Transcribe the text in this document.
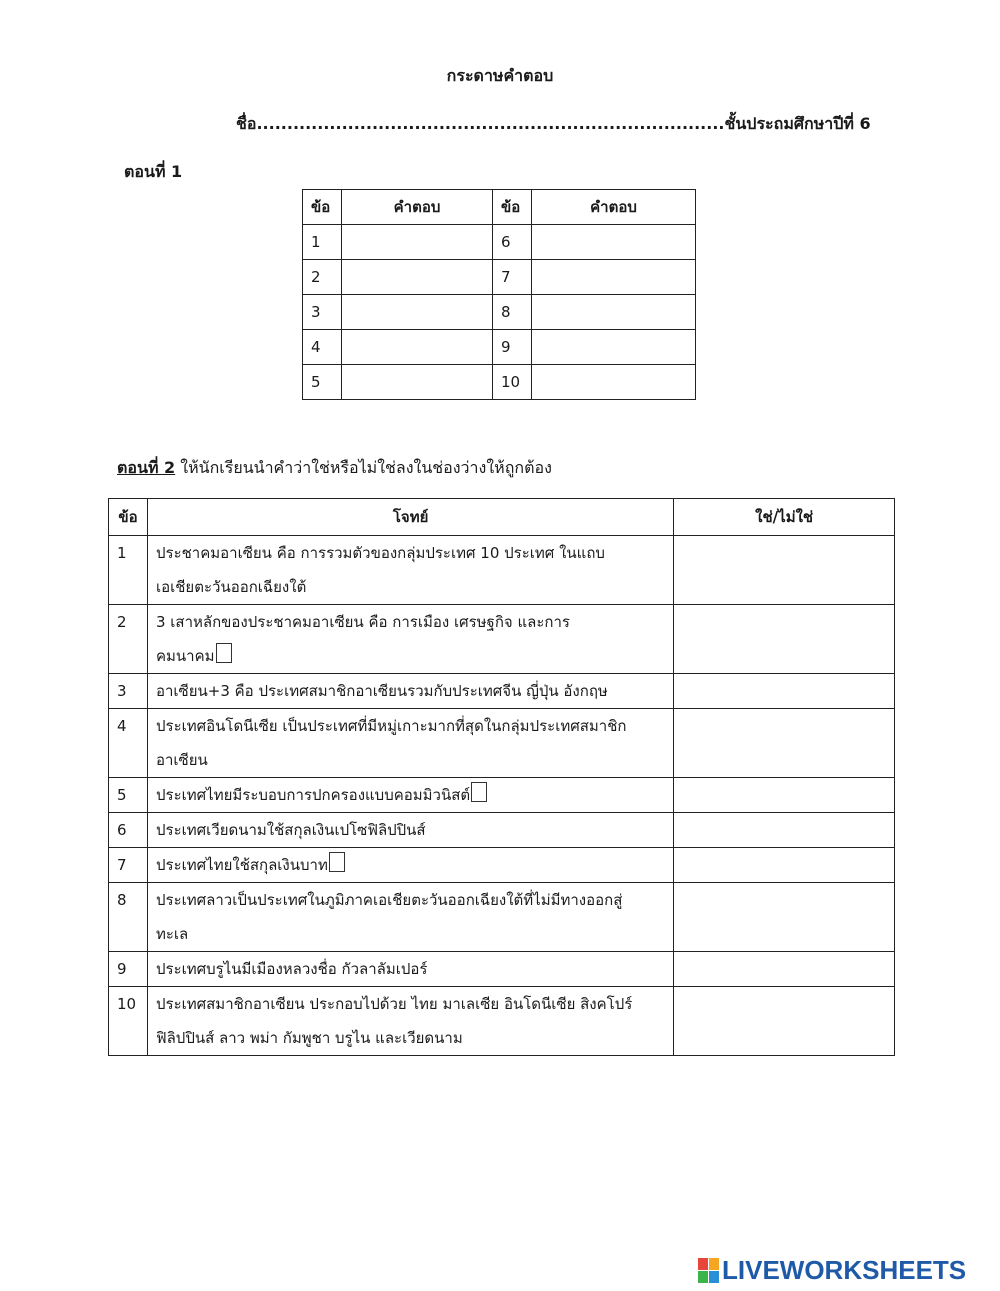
กระดาษคำตอบ
ชื่อ.............................................................................ชั้นประถมศึกษาปีที่ 6
ตอนที่ 1
ข้อ	คำตอบ	ข้อ	คำตอบ
1		6	
2		7	
3		8	
4		9	
5		10	
ตอนที่ 2 ให้นักเรียนนำคำว่าใช่หรือไม่ใช่ลงในช่องว่างให้ถูกต้อง
ข้อ	โจทย์	ใช่/ไม่ใช่
1	ประชาคมอาเซียน คือ การรวมตัวของกลุ่มประเทศ 10 ประเทศ ในแถบ
เอเชียตะวันออกเฉียงใต้	
2	3 เสาหลักของประชาคมอาเซียน คือ การเมือง เศรษฐกิจ และการ
คมนาคม	
3	อาเซียน+3 คือ ประเทศสมาชิกอาเซียนรวมกับประเทศจีน ญี่ปุ่น อังกฤษ	
4	ประเทศอินโดนีเซีย เป็นประเทศที่มีหมู่เกาะมากที่สุดในกลุ่มประเทศสมาชิก
อาเซียน	
5	ประเทศไทยมีระบอบการปกครองแบบคอมมิวนิสต์	
6	ประเทศเวียดนามใช้สกุลเงินเปโซฟิลิปปินส์	
7	ประเทศไทยใช้สกุลเงินบาท	
8	ประเทศลาวเป็นประเทศในภูมิภาคเอเชียตะวันออกเฉียงใต้ที่ไม่มีทางออกสู่
ทะเล	
9	ประเทศบรูไนมีเมืองหลวงชื่อ กัวลาลัมเปอร์	
10	ประเทศสมาชิกอาเซียน ประกอบไปด้วย ไทย มาเลเซีย อินโดนีเซีย สิงคโปร์
ฟิลิปปินส์ ลาว พม่า กัมพูชา บรูไน และเวียดนาม	
LIVEWORKSHEETS
